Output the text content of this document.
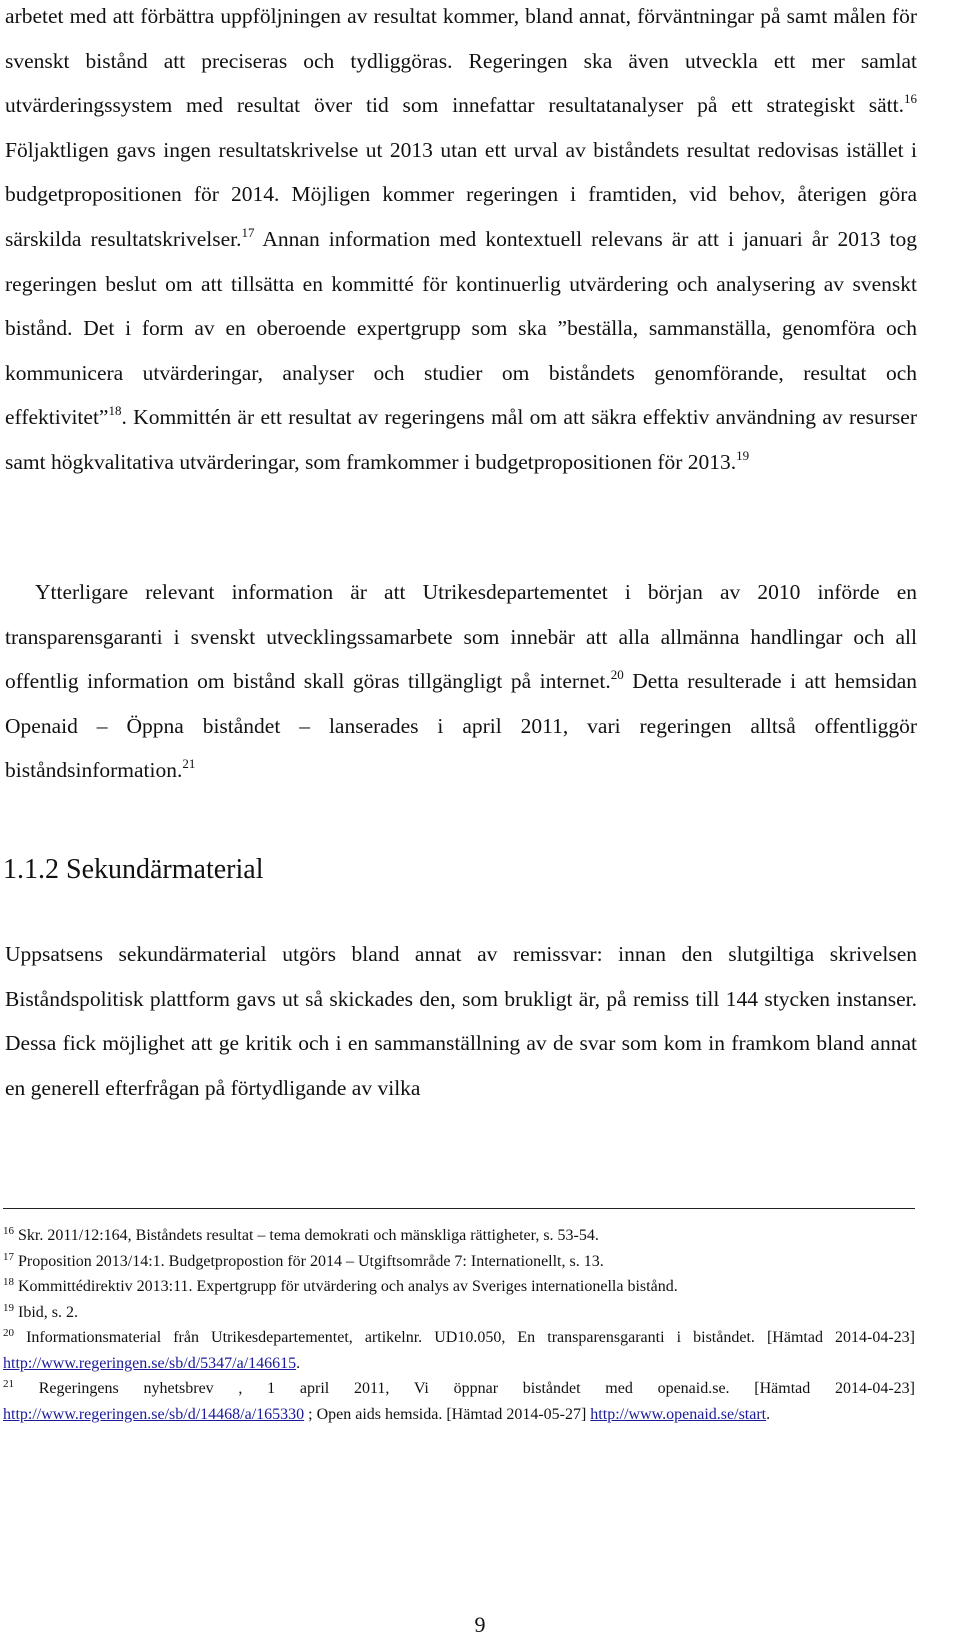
arbetet med att förbättra uppföljningen av resultat kommer, bland annat, förväntningar på samt målen för svenskt bistånd att preciseras och tydliggöras. Regeringen ska även utveckla ett mer samlat utvärderingssystem med resultat över tid som innefattar resultatanalyser på ett strategiskt sätt.$^{16}$ Följaktligen gavs ingen resultatskrivelse ut 2013 utan ett urval av biståndets resultat redovisas istället i budgetpropositionen för 2014. Möjligen kommer regeringen i framtiden, vid behov, återigen göra särskilda resultatskrivelser.$^{17}$ Annan information med kontextuell relevans är att i januari år 2013 tog regeringen beslut om att tillsätta en kommitté för kontinuerlig utvärdering och analysering av svenskt bistånd. Det i form av en oberoende expertgrupp som ska ”beställa, sammanställa, genomföra och kommunicera utvärderingar, analyser och studier om biståndets genomförande, resultat och effektivitet”$^{18}$. Kommittén är ett resultat av regeringens mål om att säkra effektiv användning av resurser samt högkvalitativa utvärderingar, som framkommer i budgetpropositionen för 2013.19

Ytterligare relevant information är att Utrikesdepartementet i början av 2010 införde en transparensgaranti i svenskt utvecklingssamarbete som innebär att alla allmänna handlingar och all offentlig information om bistånd skall göras tillgängligt på internet.$^{20}$ Detta resulterade i att hemsidan Openaid – Öppna biståndet – lanserades i april 2011, vari regeringen alltså offentliggör biståndsinformation.$^{21}$

1.1.2 Sekundärmaterial

Uppsatsens sekundärmaterial utgörs bland annat av remissvar: innan den slutgiltiga skrivelsen Biståndspolitisk plattform gavs ut så skickades den, som brukligt är, på remiss till 144 stycken instanser. Dessa fick möjlighet att ge kritik och i en sammanställning av de svar som kom in framkom bland annat en generell efterfrågan på förtydligande av vilka

$^{16}$ Skr. 2011/12:164, Biståndets resultat – tema demokrati och mänskliga rättigheter, s. 53-54.

$^{17}$ Proposition 2013/14:1. Budgetpropostion för 2014 – Utgiftsområde 7: Internationellt, s. 13.

$^{18}$ Kommittédirektiv 2013:11. Expertgrupp för utvärdering och analys av Sveriges internationella bistånd.

$^{19}$ Ibid, s. 2.

$^{20}$ Informationsmaterial från Utrikesdepartementet, artikelnr. UD10.050, En transparensgaranti i biståndet. [Hämtad 2014-04-23] http://www.regeringen.se/sb/d/5347/a/146615.

$^{21}$ Regeringens nyhetsbrev , 1 april 2011, Vi öppnar biståndet med openaid.se. [Hämtad 2014-04-23] http://www.regeringen.se/sb/d/14468/a/165330 ; Open aids hemsida. [Hämtad 2014-05-27] http://www.openaid.se/start.

9
